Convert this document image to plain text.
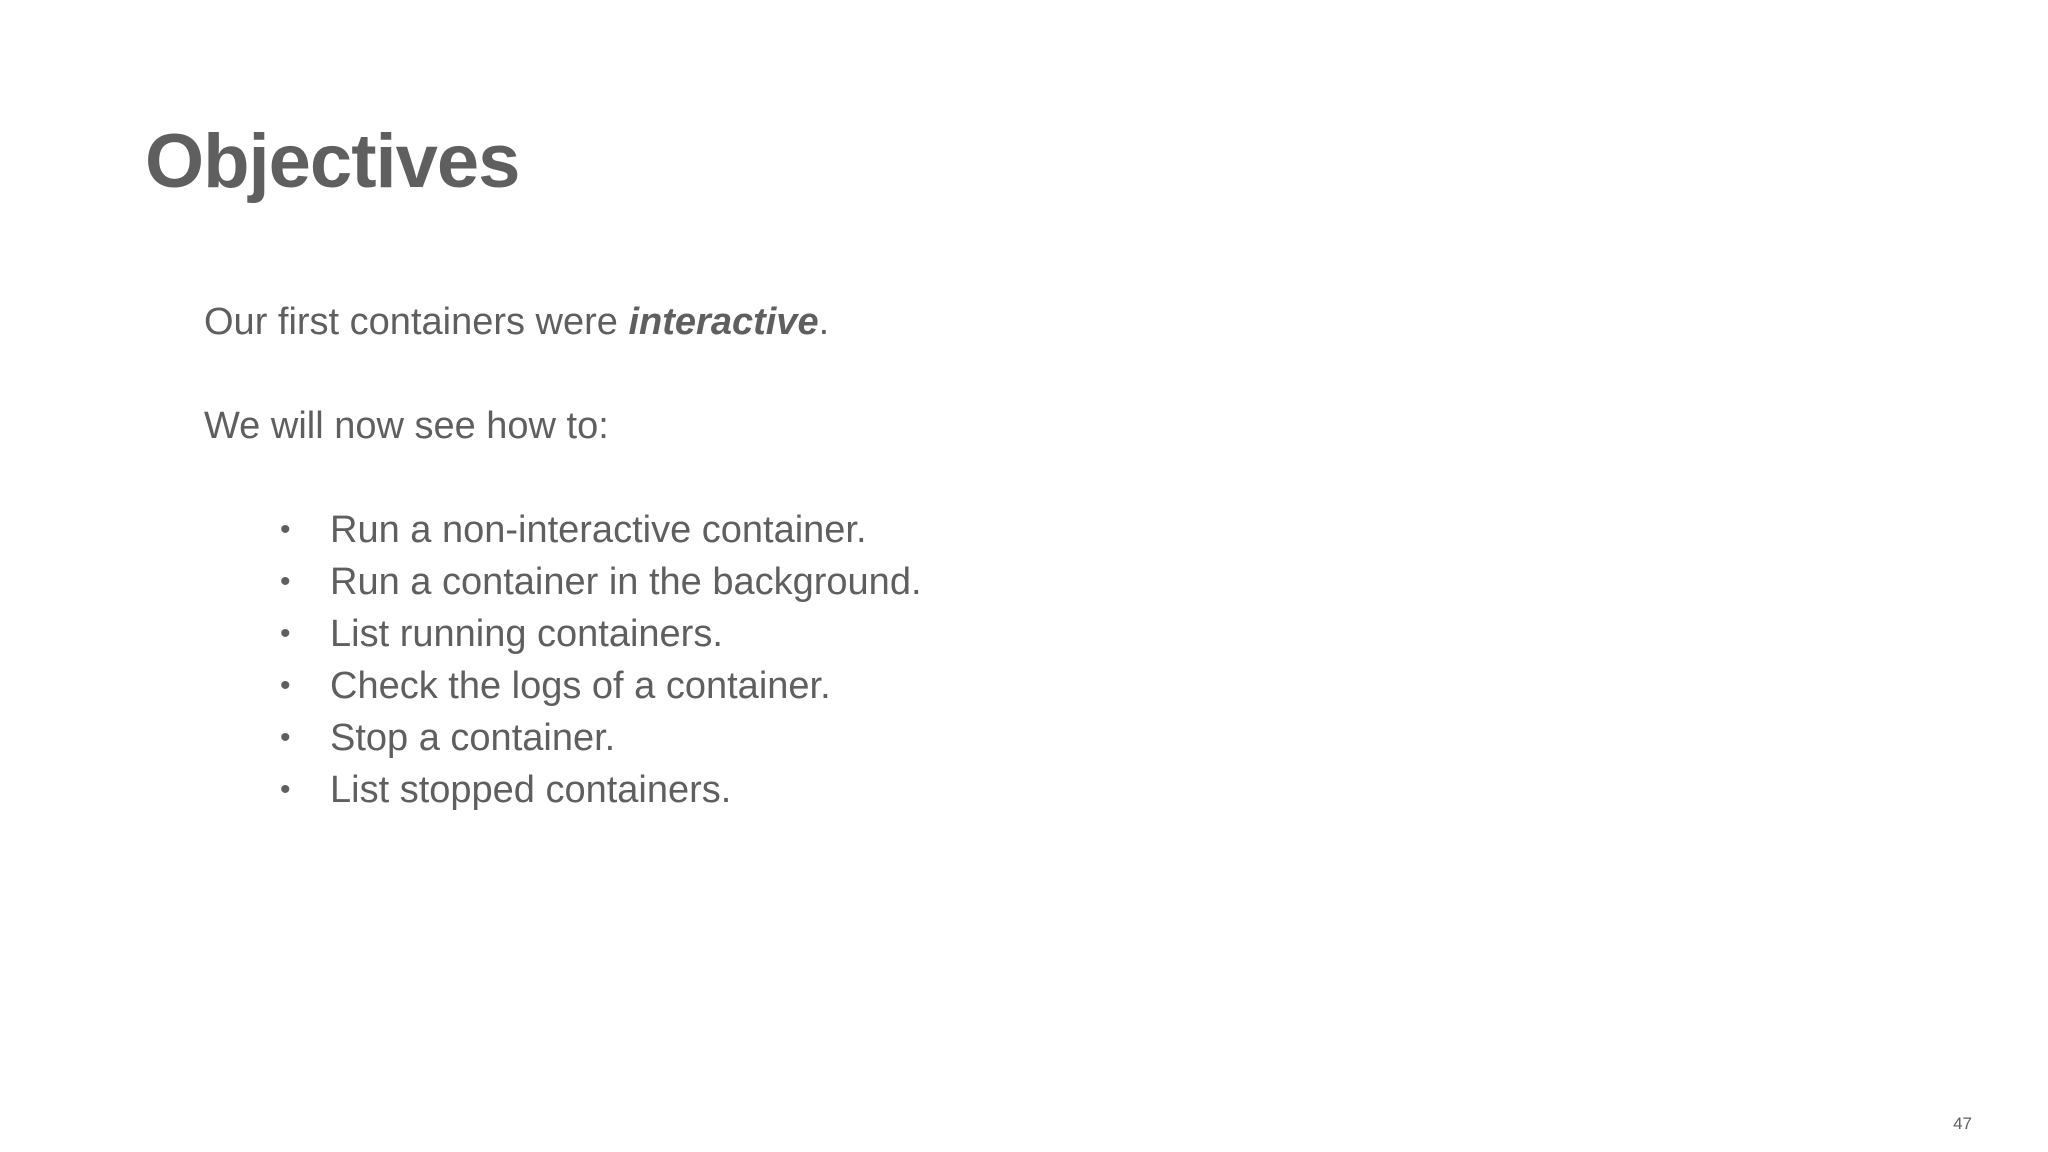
Objectives

Our first containers were interactive.

We will now see how to:

• Run a non-interactive container.
• Run a container in the background.
• List running containers.
• Check the logs of a container.
• Stop a container.
• List stopped containers.
47
